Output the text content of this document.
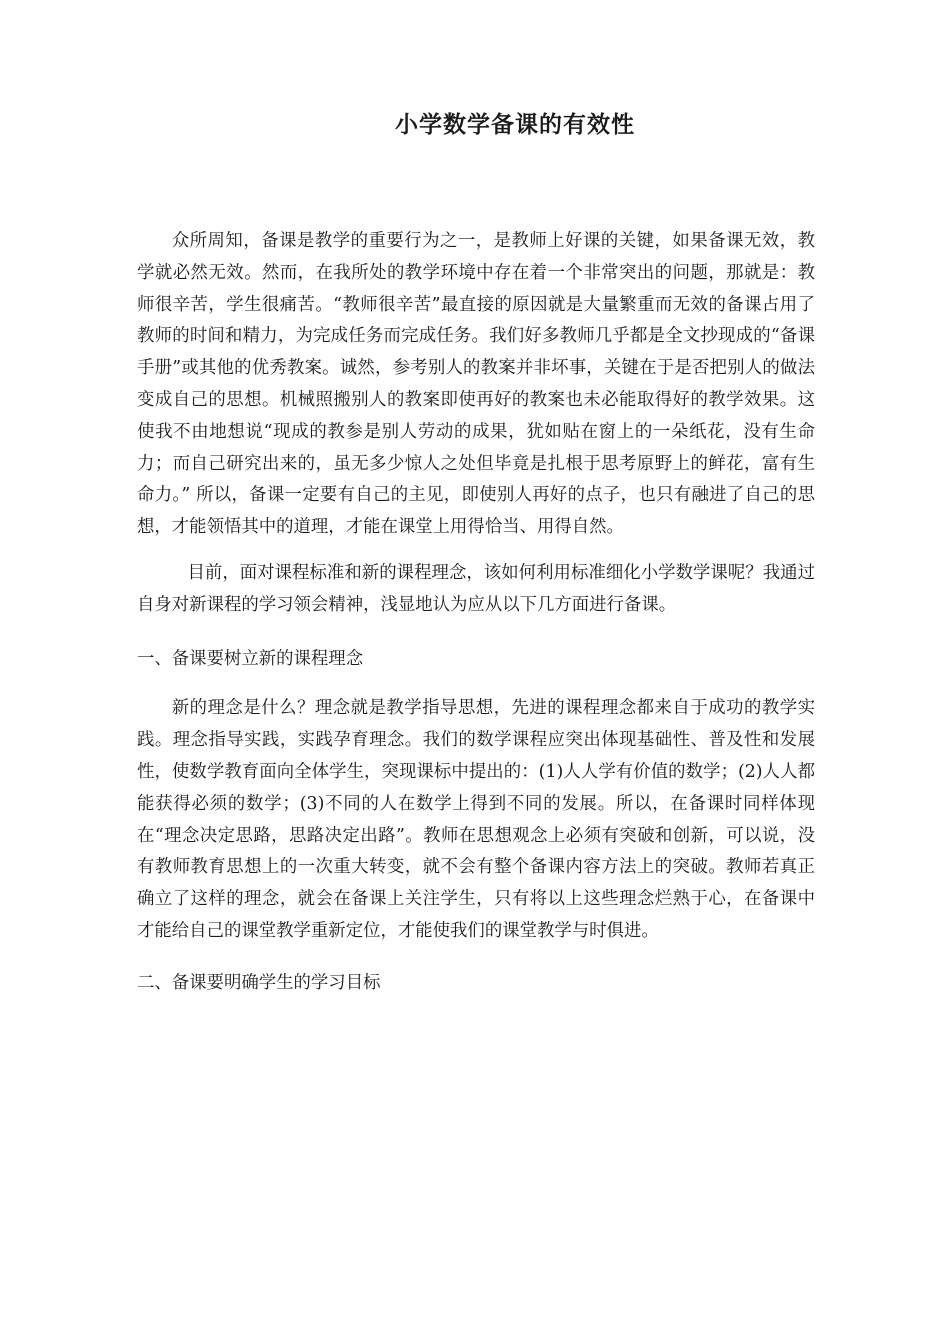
小学数学备课的有效性

众所周知，备课是教学的重要行为之一，是教师上好课的关键，如果备课无效，教学就必然无效。然而，在我所处的教学环境中存在着一个非常突出的问题，那就是：教师很辛苦，学生很痛苦。“教师很辛苦”最直接的原因就是大量繁重而无效的备课占用了教师的时间和精力，为完成任务而完成任务。我们好多教师几乎都是全文抄现成的“备课手册”或其他的优秀教案。诚然，参考别人的教案并非坏事，关键在于是否把别人的做法变成自己的思想。机械照搬别人的教案即使再好的教案也未必能取得好的教学效果。这使我不由地想说“现成的教参是别人劳动的成果，犹如贴在窗上的一朵纸花，没有生命力；而自己研究出来的，虽无多少惊人之处但毕竟是扎根于思考原野上的鲜花，富有生命力。” 所以，备课一定要有自己的主见，即使别人再好的点子，也只有融进了自己的思想，才能领悟其中的道理，才能在课堂上用得恰当、用得自然。

目前，面对课程标准和新的课程理念，该如何利用标准细化小学数学课呢？我通过自身对新课程的学习领会精神，浅显地认为应从以下几方面进行备课。

一、备课要树立新的课程理念

新的理念是什么？理念就是教学指导思想，先进的课程理念都来自于成功的教学实践。理念指导实践，实践孕育理念。我们的数学课程应突出体现基础性、普及性和发展性，使数学教育面向全体学生，突现课标中提出的：(1)人人学有价值的数学；(2)人人都能获得必须的数学；(3)不同的人在数学上得到不同的发展。所以，在备课时同样体现在“理念决定思路，思路决定出路”。教师在思想观念上必须有突破和创新，可以说，没有教师教育思想上的一次重大转变，就不会有整个备课内容方法上的突破。教师若真正确立了这样的理念，就会在备课上关注学生，只有将以上这些理念烂熟于心，在备课中才能给自己的课堂教学重新定位，才能使我们的课堂教学与时俱进。

二、备课要明确学生的学习目标
